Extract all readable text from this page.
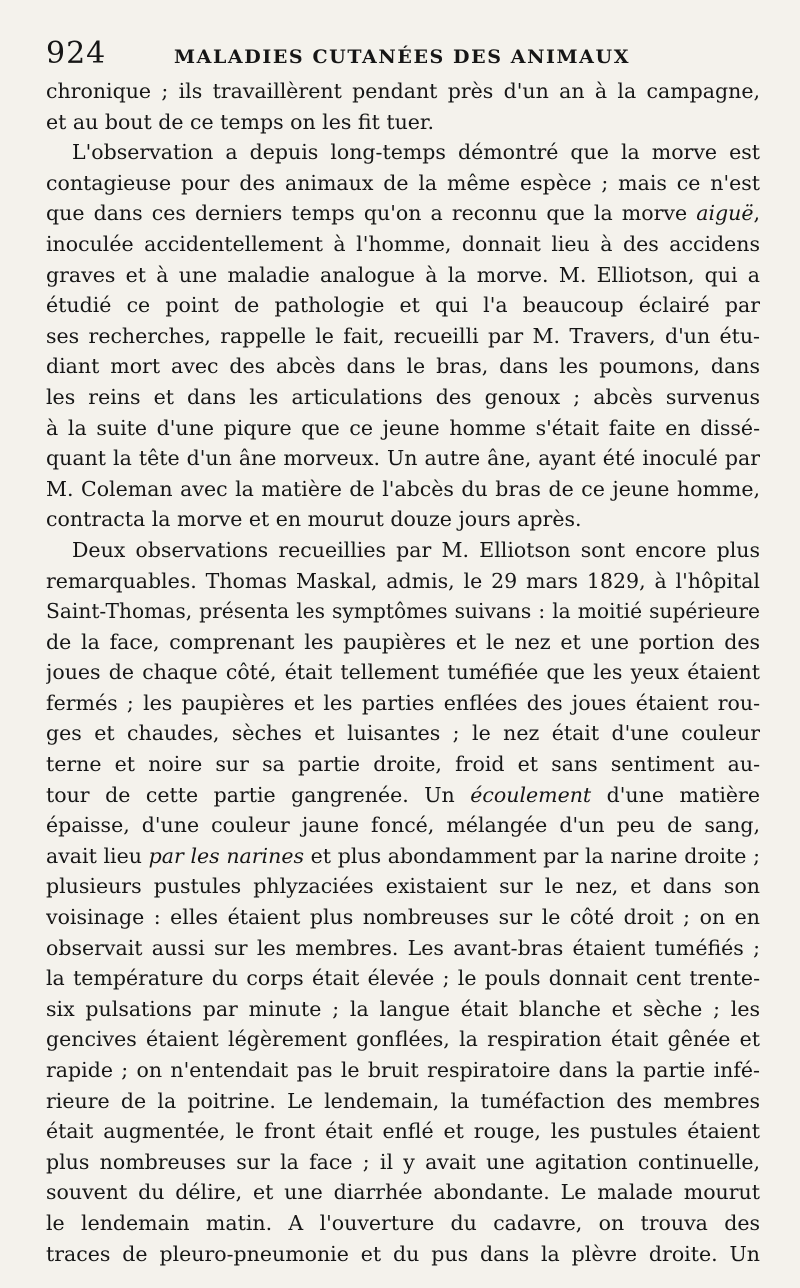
924	MALADIES CUTANÉES DES ANIMAUX
chronique ; ils travaillèrent pendant près d'un an à la campagne,
et au bout de ce temps on les fit tuer.
L'observation a depuis long-temps démontré que la morve est
contagieuse pour des animaux de la même espèce ; mais ce n'est
que dans ces derniers temps qu'on a reconnu que la morve aiguë,
inoculée accidentellement à l'homme, donnait lieu à des accidens
graves et à une maladie analogue à la morve. M. Elliotson, qui a
étudié ce point de pathologie et qui l'a beaucoup éclairé par
ses recherches, rappelle le fait, recueilli par M. Travers, d'un étu-
diant mort avec des abcès dans le bras, dans les poumons, dans
les reins et dans les articulations des genoux ; abcès survenus
à la suite d'une piqure que ce jeune homme s'était faite en dissé-
quant la tête d'un âne morveux. Un autre âne, ayant été inoculé par
M. Coleman avec la matière de l'abcès du bras de ce jeune homme,
contracta la morve et en mourut douze jours après.
Deux observations recueillies par M. Elliotson sont encore plus
remarquables. Thomas Maskal, admis, le 29 mars 1829, à l'hôpital
Saint-Thomas, présenta les symptômes suivans : la moitié supérieure
de la face, comprenant les paupières et le nez et une portion des
joues de chaque côté, était tellement tuméfiée que les yeux étaient
fermés ; les paupières et les parties enflées des joues étaient rou-
ges et chaudes, sèches et luisantes ; le nez était d'une couleur
terne et noire sur sa partie droite, froid et sans sentiment au-
tour de cette partie gangrenée. Un écoulement d'une matière
épaisse, d'une couleur jaune foncé, mélangée d'un peu de sang,
avait lieu par les narines et plus abondamment par la narine droite ;
plusieurs pustules phlyzaciées existaient sur le nez, et dans son
voisinage : elles étaient plus nombreuses sur le côté droit ; on en
observait aussi sur les membres. Les avant-bras étaient tuméfiés ;
la température du corps était élevée ; le pouls donnait cent trente-
six pulsations par minute ; la langue était blanche et sèche ; les
gencives étaient légèrement gonflées, la respiration était gênée et
rapide ; on n'entendait pas le bruit respiratoire dans la partie infé-
rieure de la poitrine. Le lendemain, la tuméfaction des membres
était augmentée, le front était enflé et rouge, les pustules étaient
plus nombreuses sur la face ; il y avait une agitation continuelle,
souvent du délire, et une diarrhée abondante. Le malade mourut
le lendemain matin. A l'ouverture du cadavre, on trouva des
traces de pleuro-pneumonie et du pus dans la plèvre droite. Un
